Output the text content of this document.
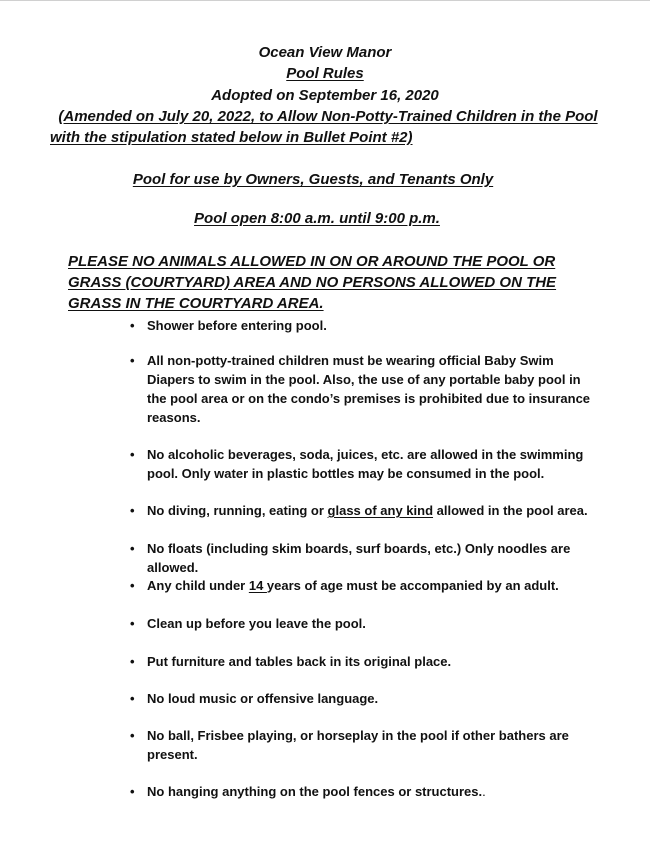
Ocean View Manor
Pool Rules
Adopted on September 16, 2020
(Amended on July 20, 2022, to Allow Non-Potty-Trained Children in the Pool
with the stipulation stated below in Bullet Point #2)
Pool for use by Owners, Guests, and Tenants Only
Pool open 8:00 a.m. until 9:00 p.m.
PLEASE NO ANIMALS ALLOWED IN ON OR AROUND THE POOL OR GRASS (COURTYARD) AREA AND NO PERSONS ALLOWED ON THE GRASS IN THE COURTYARD AREA.
• Shower before entering pool.
• All non-potty-trained children must be wearing official Baby Swim Diapers to swim in the pool. Also, the use of any portable baby pool in the pool area or on the condo’s premises is prohibited due to insurance reasons.
• No alcoholic beverages, soda, juices, etc. are allowed in the swimming pool. Only water in plastic bottles may be consumed in the pool.
• No diving, running, eating or glass of any kind allowed in the pool area.
• No floats (including skim boards, surf boards, etc.) Only noodles are allowed.
• Any child under 14 years of age must be accompanied by an adult.
• Clean up before you leave the pool.
• Put furniture and tables back in its original place.
• No loud music or offensive language.
• No ball, Frisbee playing, or horseplay in the pool if other bathers are present.
• No hanging anything on the pool fences or structures..
